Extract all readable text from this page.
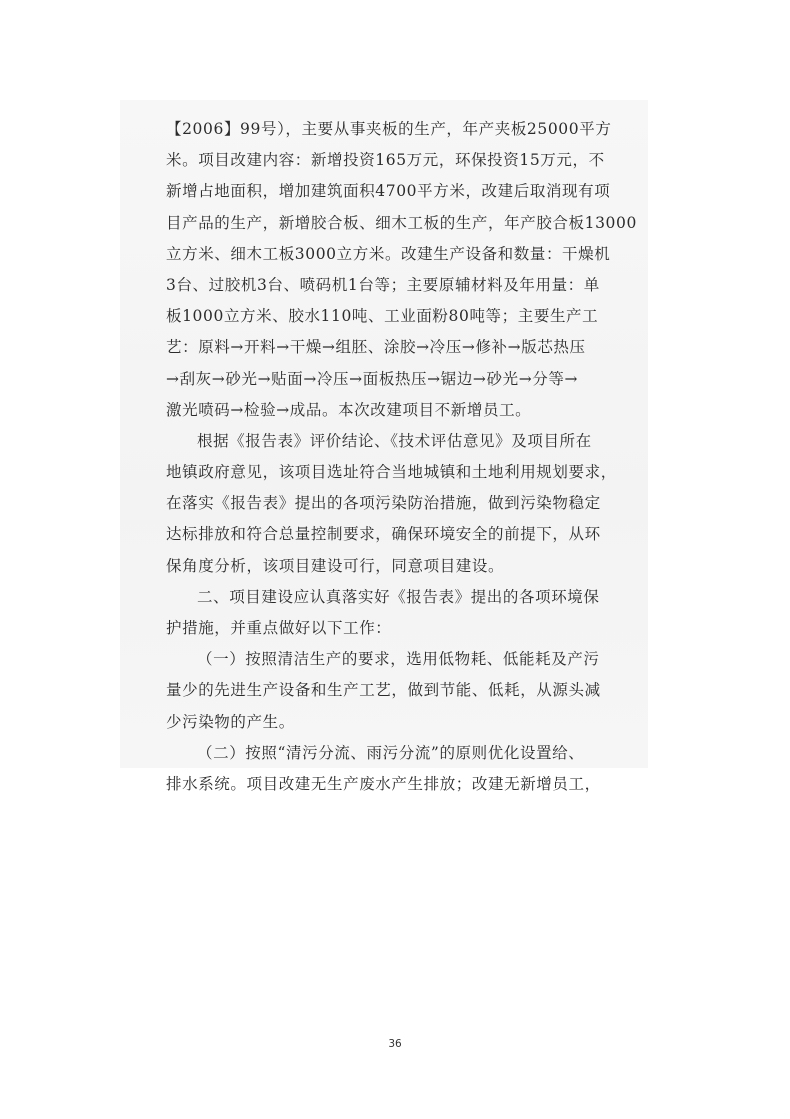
【2006】99号），主要从事夹板的生产，年产夹板25000平方
米。项目改建内容：新增投资165万元，环保投资15万元，不
新增占地面积，增加建筑面积4700平方米，改建后取消现有项
目产品的生产，新增胶合板、细木工板的生产，年产胶合板13000
立方米、细木工板3000立方米。改建生产设备和数量：干燥机
3台、过胶机3台、喷码机1台等；主要原辅材料及年用量：单
板1000立方米、胶水110吨、工业面粉80吨等；主要生产工
艺：原料→开料→干燥→组胚、涂胶→冷压→修补→版芯热压
→刮灰→砂光→贴面→冷压→面板热压→锯边→砂光→分等→
激光喷码→检验→成品。本次改建项目不新增员工。
根据《报告表》评价结论、《技术评估意见》及项目所在
地镇政府意见，该项目选址符合当地城镇和土地利用规划要求，
在落实《报告表》提出的各项污染防治措施，做到污染物稳定
达标排放和符合总量控制要求，确保环境安全的前提下，从环
保角度分析，该项目建设可行，同意项目建设。
二、项目建设应认真落实好《报告表》提出的各项环境保
护措施，并重点做好以下工作：
（一）按照清洁生产的要求，选用低物耗、低能耗及产污
量少的先进生产设备和生产工艺，做到节能、低耗，从源头减
少污染物的产生。
（二）按照“清污分流、雨污分流”的原则优化设置给、
排水系统。项目改建无生产废水产生排放；改建无新增员工，
36
